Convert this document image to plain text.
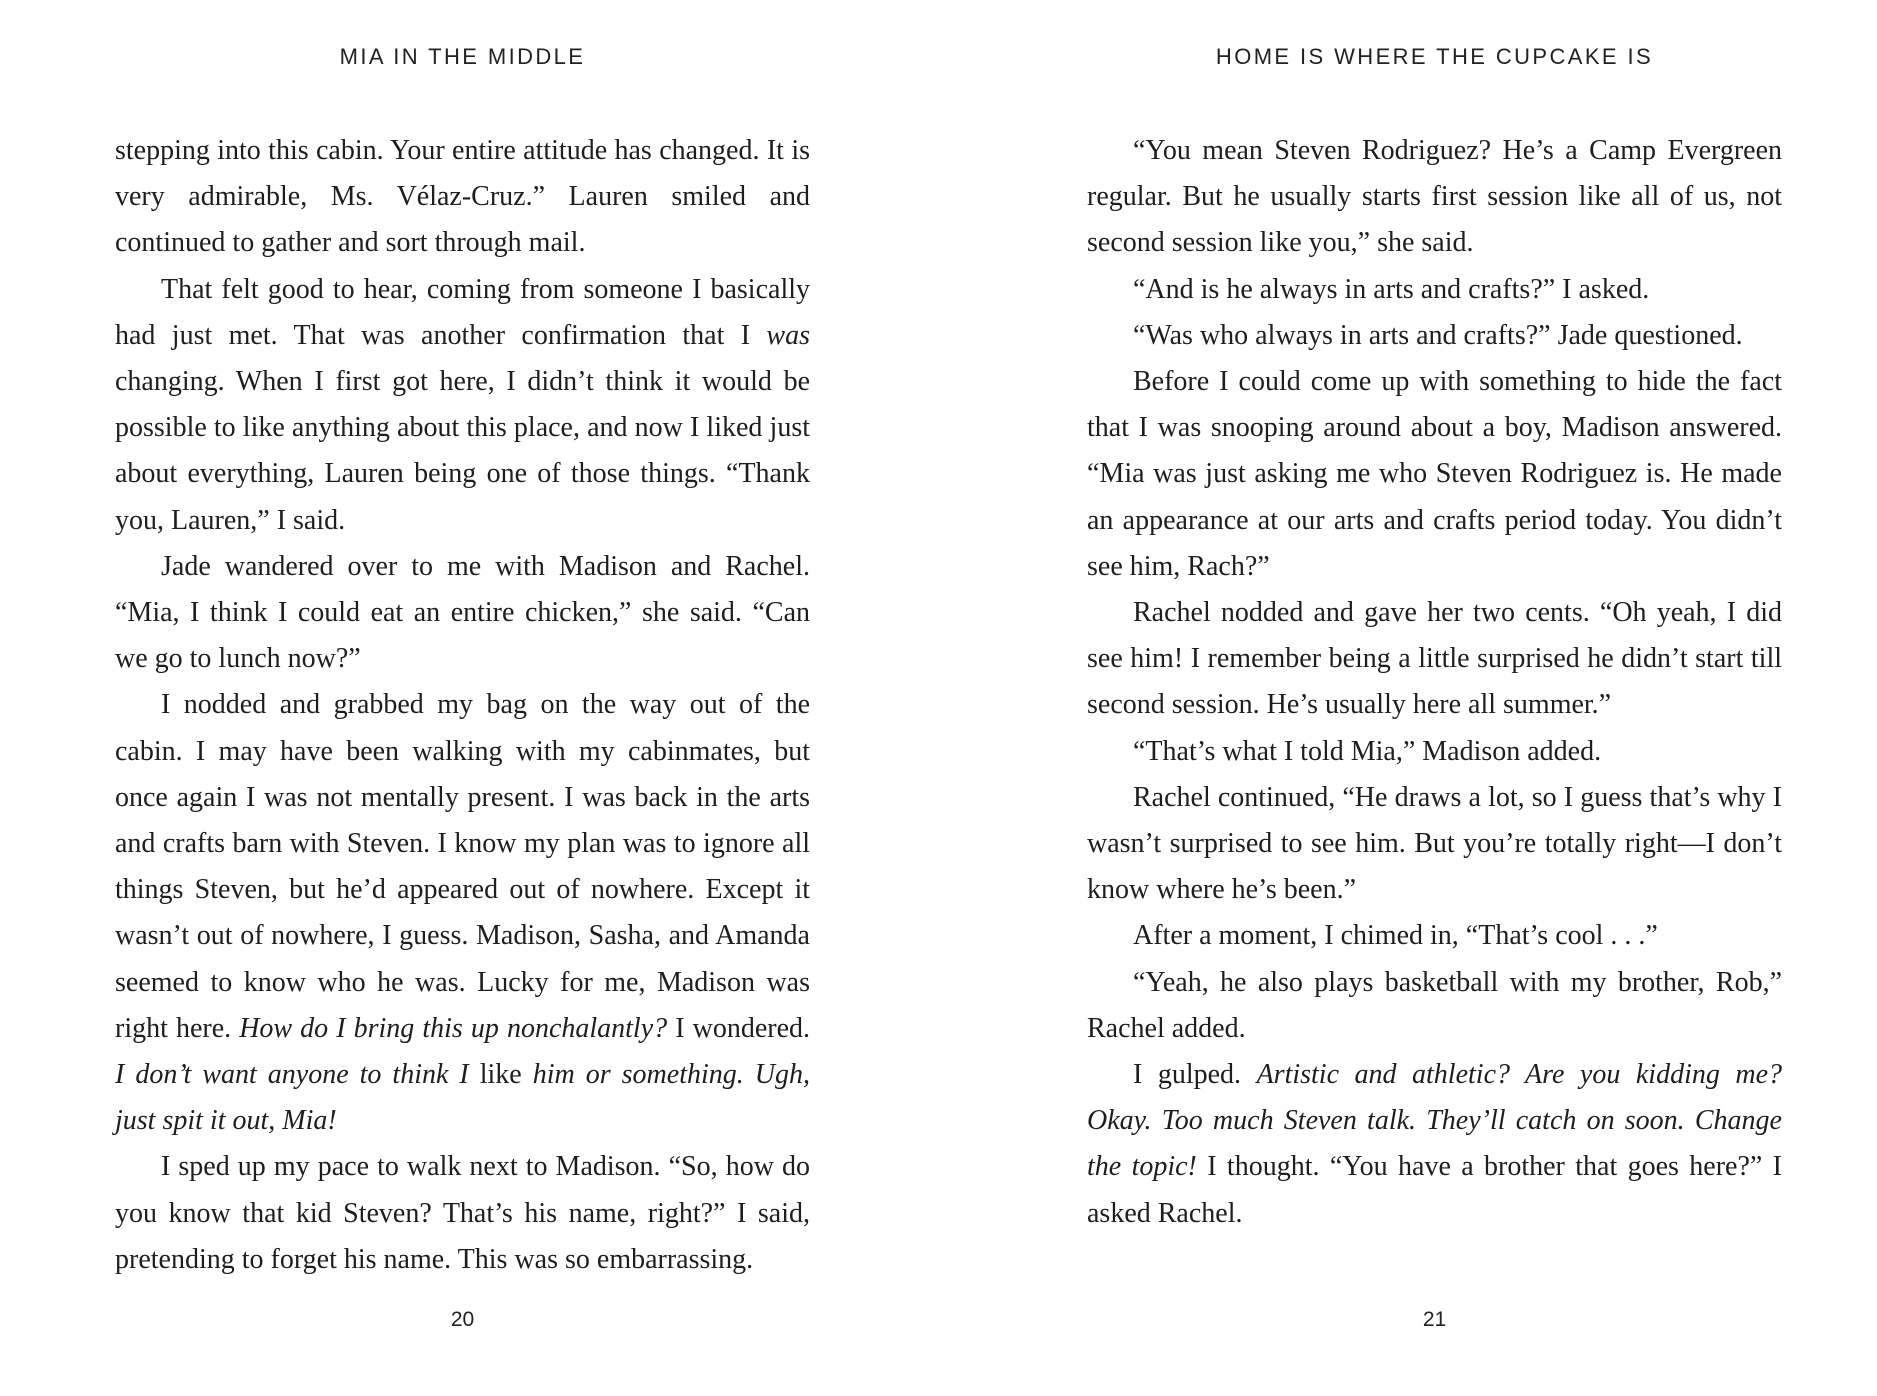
MIA IN THE MIDDLE

stepping into this cabin. Your entire attitude has changed. It is very admirable, Ms. Vélaz-Cruz.” Lauren smiled and continued to gather and sort through mail.

That felt good to hear, coming from someone I basically had just met. That was another confirmation that I was changing. When I first got here, I didn’t think it would be possible to like anything about this place, and now I liked just about everything, Lauren being one of those things. “Thank you, Lauren,” I said.

Jade wandered over to me with Madison and Rachel. “Mia, I think I could eat an entire chicken,” she said. “Can we go to lunch now?”

I nodded and grabbed my bag on the way out of the cabin. I may have been walking with my cabinmates, but once again I was not mentally present. I was back in the arts and crafts barn with Steven. I know my plan was to ignore all things Steven, but he’d appeared out of nowhere. Except it wasn’t out of nowhere, I guess. Madison, Sasha, and Amanda seemed to know who he was. Lucky for me, Madison was right here. How do I bring this up nonchalantly? I wondered. I don’t want anyone to think I like him or something. Ugh, just spit it out, Mia!

I sped up my pace to walk next to Madison. “So, how do you know that kid Steven? That’s his name, right?” I said, pretending to forget his name. This was so embarrassing.

20
HOME IS WHERE THE CUPCAKE IS

“You mean Steven Rodriguez? He’s a Camp Evergreen regular. But he usually starts first session like all of us, not second session like you,” she said.

“And is he always in arts and crafts?” I asked.

“Was who always in arts and crafts?” Jade questioned.

Before I could come up with something to hide the fact that I was snooping around about a boy, Madison answered. “Mia was just asking me who Steven Rodriguez is. He made an appearance at our arts and crafts period today. You didn’t see him, Rach?”

Rachel nodded and gave her two cents. “Oh yeah, I did see him! I remember being a little surprised he didn’t start till second session. He’s usually here all summer.”

“That’s what I told Mia,” Madison added.

Rachel continued, “He draws a lot, so I guess that’s why I wasn’t surprised to see him. But you’re totally right—I don’t know where he’s been.”

After a moment, I chimed in, “That’s cool . . .”

“Yeah, he also plays basketball with my brother, Rob,” Rachel added.

I gulped. Artistic and athletic? Are you kidding me? Okay. Too much Steven talk. They’ll catch on soon. Change the topic! I thought. “You have a brother that goes here?” I asked Rachel.

21
